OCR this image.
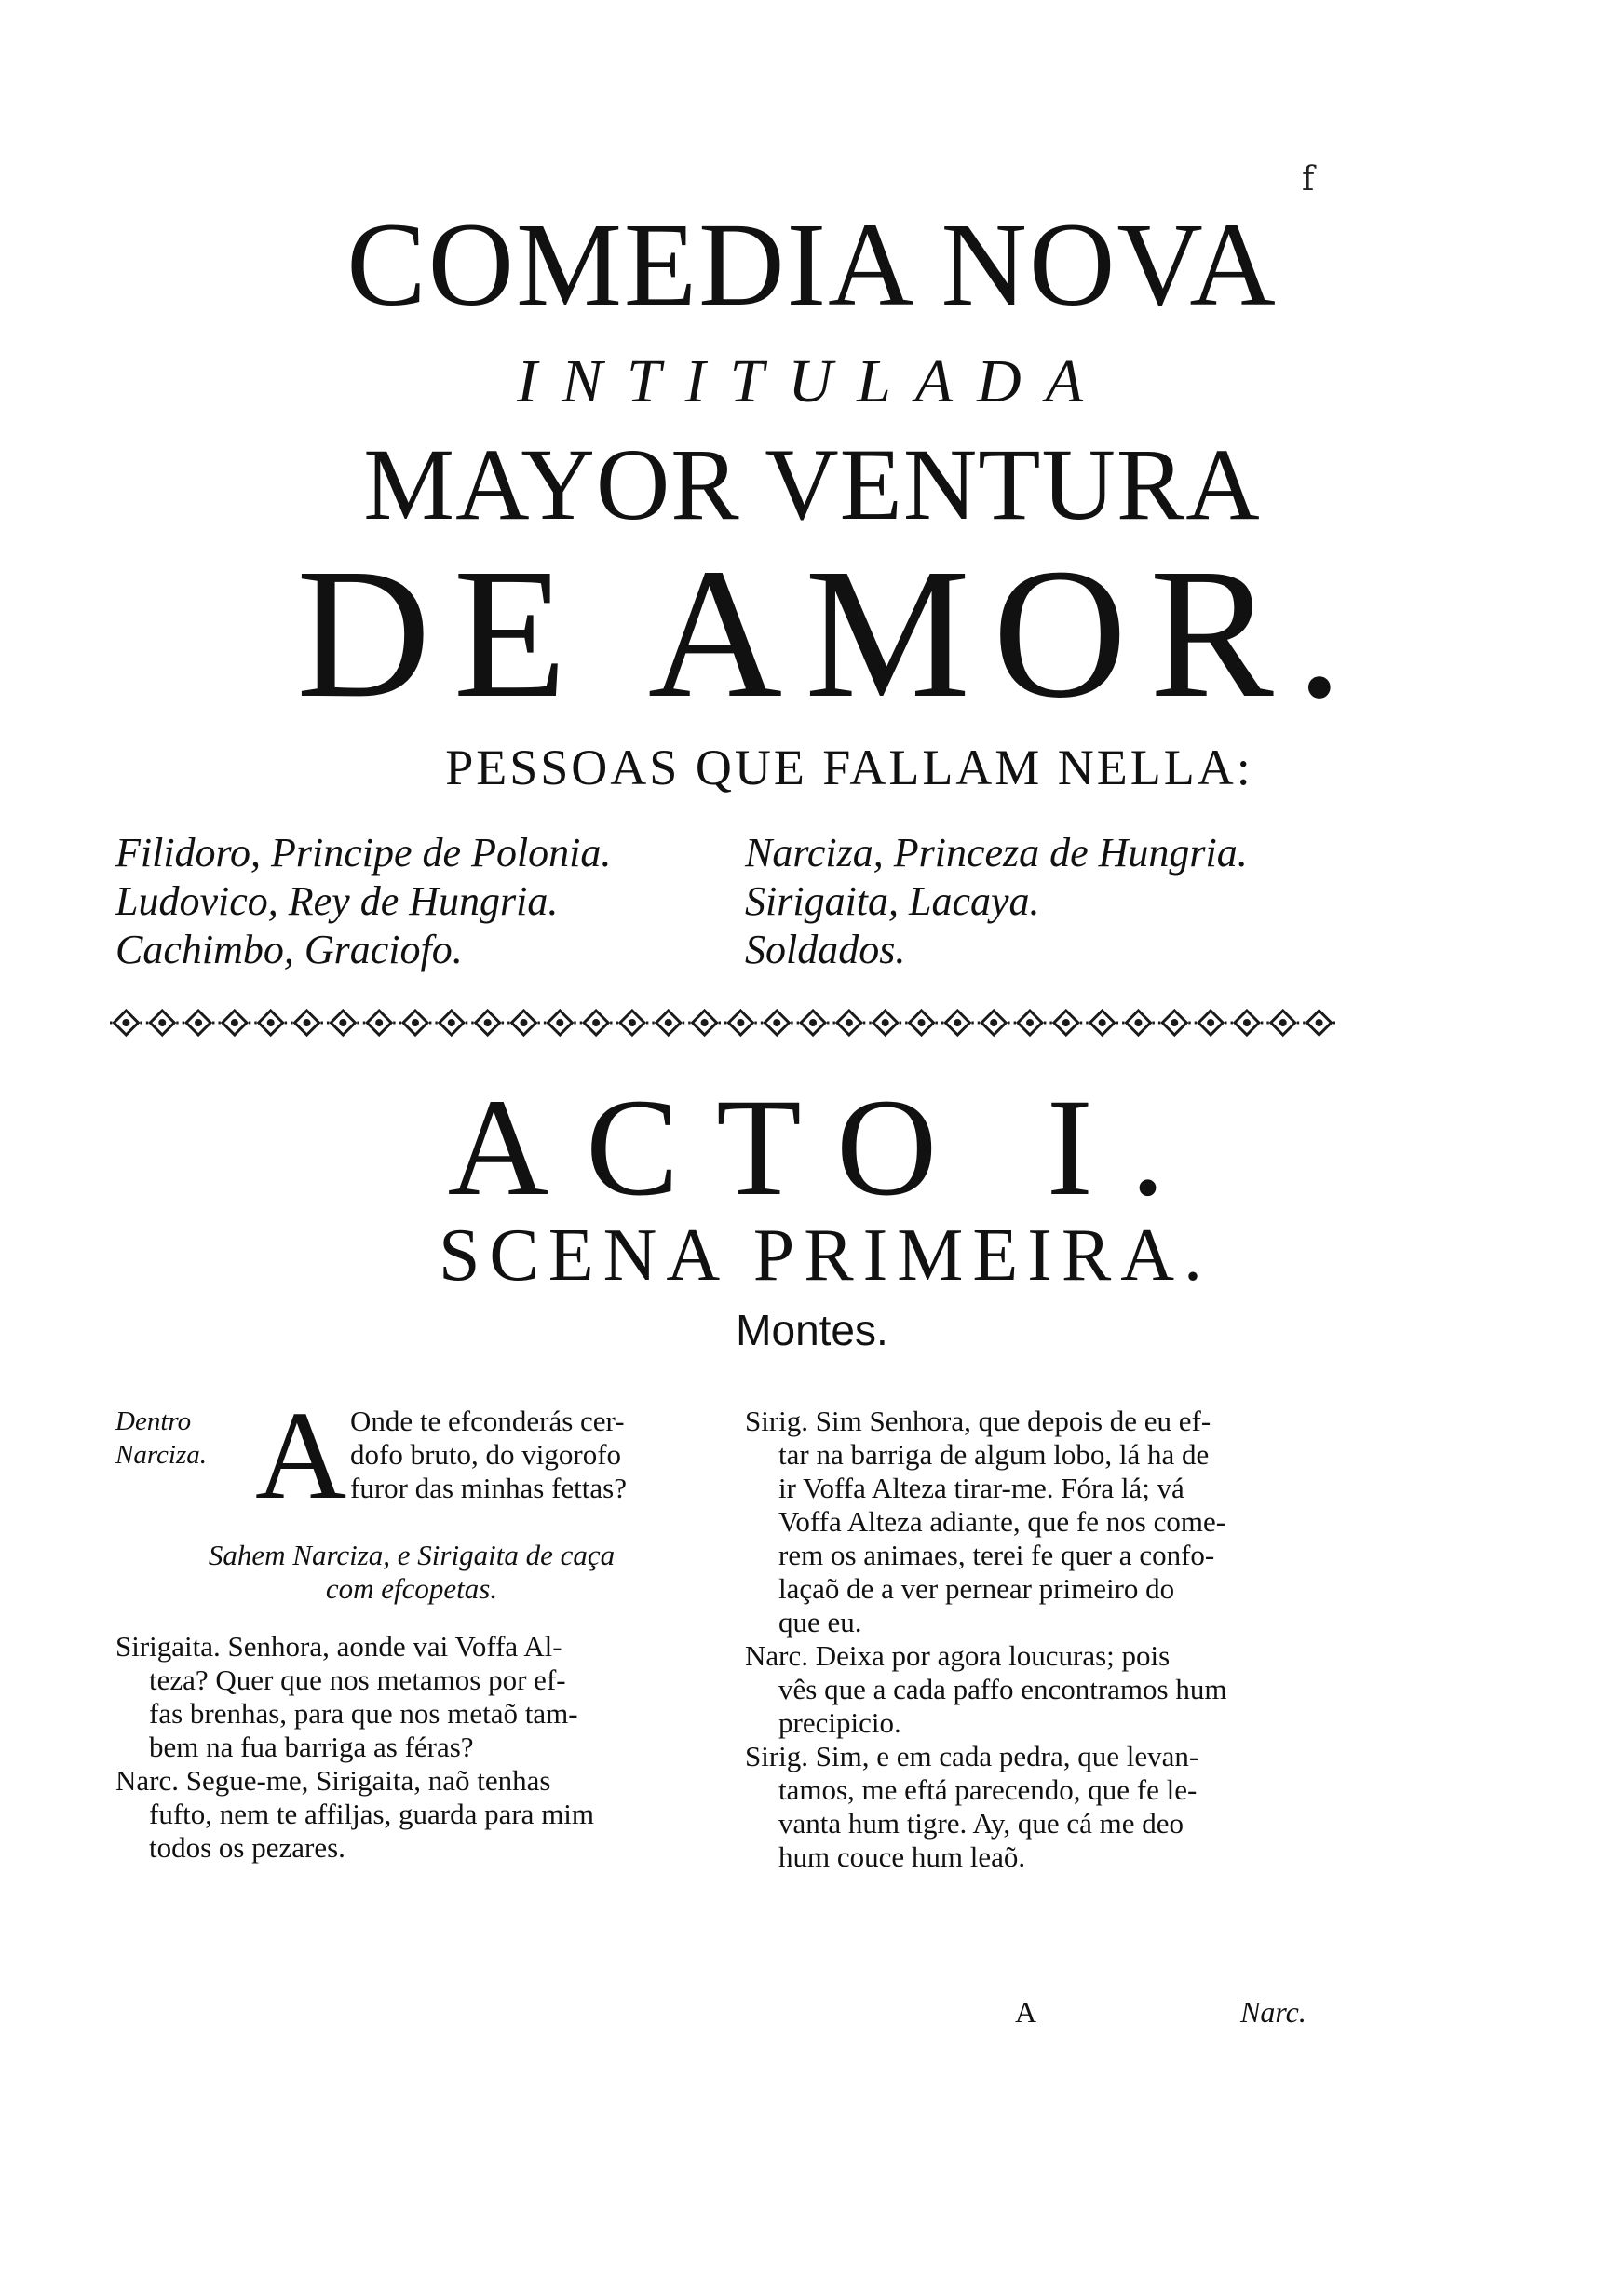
f
COMEDIA NOVA
INTITULADA
MAYOR VENTURA
DE AMOR.
PESSOAS QUE FALLAM NELLA:
Filidoro, Principe de Polonia.
Ludovico, Rey de Hungria.
Cachimbo, Graciofo.
Narciza, Princeza de Hungria.
Sirigaita, Lacaya.
Soldados.
ACTO I.
SCENA PRIMEIRA.
Montes.
Dentro
Narciza. A Onde te efconderás cer-
dofo bruto, do vigorofo
furor das minhas fettas?
Sahem Narciza, e Sirigaita de caça
com efcopetas.
Sirigaita. Senhora, aonde vai Voffa Al-
teza? Quer que nos metamos por ef-
fas brenhas, para que nos metaõ tam-
bem na fua barriga as féras?
Narc. Segue-me, Sirigaita, naõ tenhas
fufto, nem te affiljas, guarda para mim
todos os pezares.
Sirig. Sim Senhora, que depois de eu ef-
tar na barriga de algum lobo, lá ha de
ir Voffa Alteza tirar-me. Fóra lá; vá
Voffa Alteza adiante, que fe nos come-
rem os animaes, terei fe quer a confo-
laçaõ de a ver pernear primeiro do
que eu.
Narc. Deixa por agora loucuras; pois
vês que a cada paffo encontramos hum
precipicio.
Sirig. Sim, e em cada pedra, que levan-
tamos, me eftá parecendo, que fe le-
vanta hum tigre. Ay, que cá me deo
hum couce hum leaõ.
A	Narc.
